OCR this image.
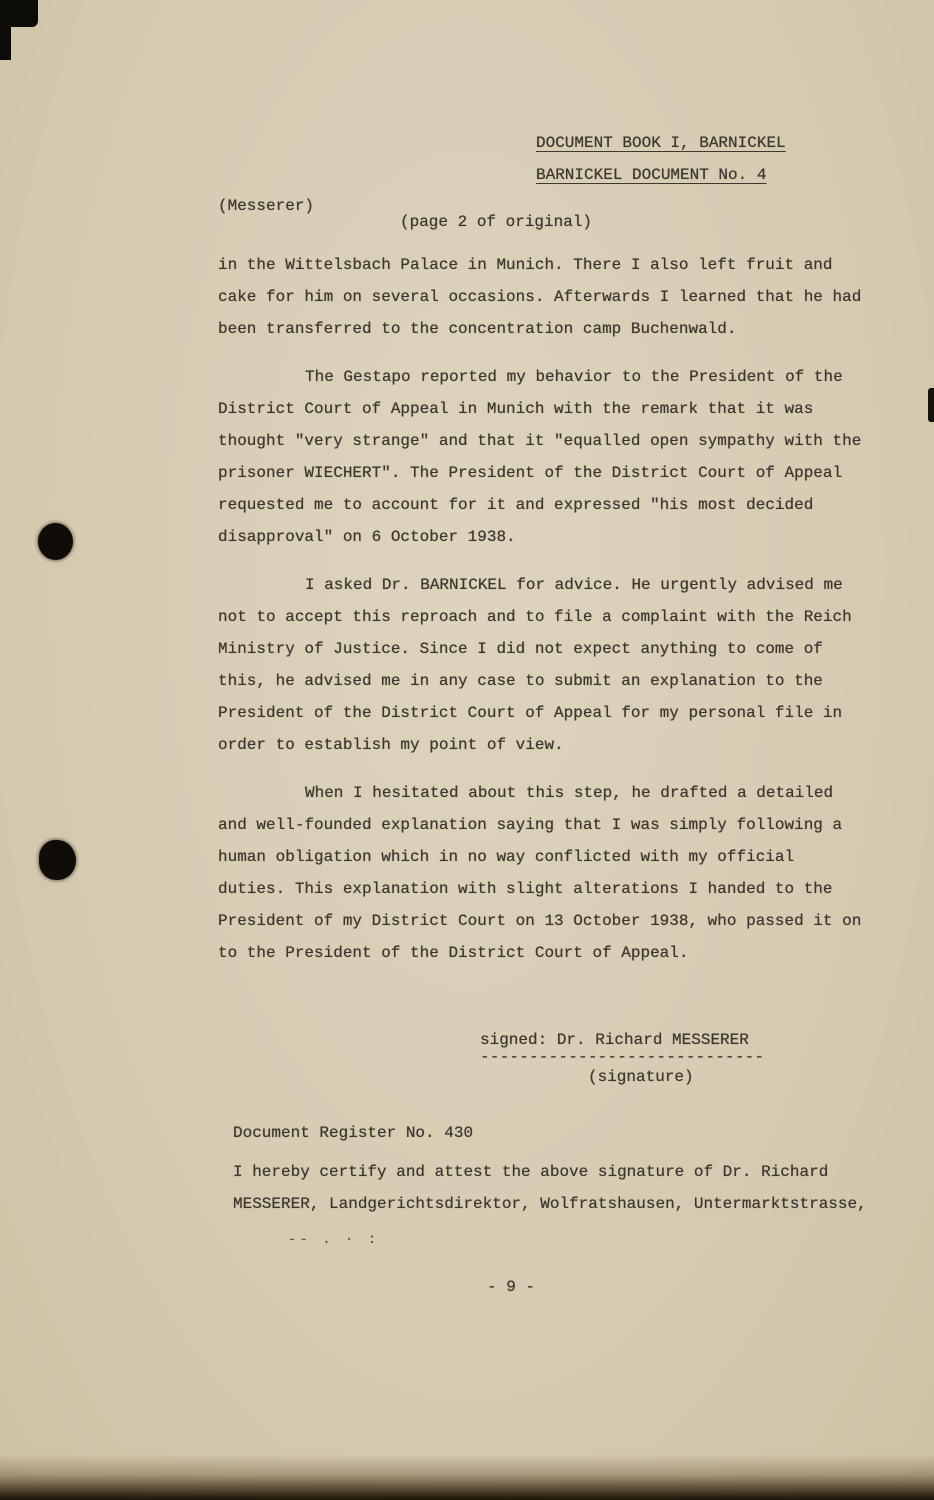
DOCUMENT BOOK I, BARNICKEL
BARNICKEL DOCUMENT No. 4
(Messerer)
(page 2 of original)

in the Wittelsbach Palace in Munich. There I also left fruit and cake for him on several occasions. Afterwards I learned that he had been transferred to the concentration camp Buchenwald.

The Gestapo reported my behavior to the President of the District Court of Appeal in Munich with the remark that it was thought "very strange" and that it "equalled open sympathy with the prisoner WIECHERT". The President of the District Court of Appeal requested me to account for it and expressed "his most decided disapproval" on 6 October 1938.

I asked Dr. BARNICKEL for advice. He urgently advised me not to accept this reproach and to file a complaint with the Reich Ministry of Justice. Since I did not expect anything to come of this, he advised me in any case to submit an explanation to the President of the District Court of Appeal for my personal file in order to establish my point of view.

When I hesitated about this step, he drafted a detailed and well-founded explanation saying that I was simply following a human obligation which in no way conflicted with my official duties. This explanation with slight alterations I handed to the President of my District Court on 13 October 1938, who passed it on to the President of the District Court of Appeal.

signed: Dr. Richard MESSERER
-----------------------------
(signature)
Document Register No. 430

I hereby certify and attest the above signature of Dr. Richard MESSERER, Landgerichtsdirektor, Wolfratshausen, Untermarktstrasse,

-- . · :
- 9 -
